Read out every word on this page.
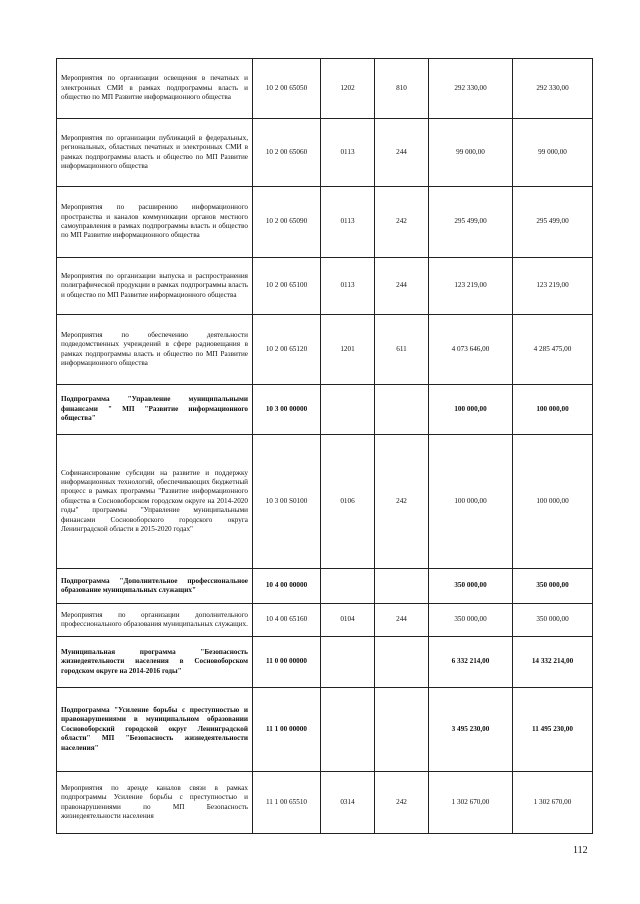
Мероприятия по организации освещения в печатных и электронных СМИ в рамках подпрограммы власть и общество по МП Развитие информационного общества	10 2 00 65050	1202	810	292 330,00	292 330,00
Мероприятия по организации публикаций в федеральных, региональных, областных печатных и электронных СМИ в рамках подпрограммы власть и общество по МП Развитие информационного общества	10 2 00 65060	0113	244	99 000,00	99 000,00
Мероприятия по расширению информационного пространства и каналов коммуникации органов местного самоуправления в рамках подпрограммы власть и общество по МП Развитие информационного общества	10 2 00 65090	0113	242	295 499,00	295 499,00
Мероприятия по организации выпуска и распространения полиграфической продукции в рамках подпрограммы власть и общество по МП Развитие информационного общества	10 2 00 65100	0113	244	123 219,00	123 219,00
Мероприятия по обеспечению деятельности подведомственных учреждений в сфере радиовещания в рамках подпрограммы власть и общество по МП Развитие информационного общества	10 2 00 65120	1201	611	4 073 646,00	4 285 475,00
Подпрограмма "Управление муниципальными финансами " МП "Развитие информационного общества"	10 3 00 00000			100 000,00	100 000,00
Софинансирование субсидии на развитие и поддержку информационных технологий, обеспечивающих бюджетный процесс в рамках программы "Развитие информационного общества в Сосновоборском городском округе на 2014-2020 годы" программы "Управление муниципальными финансами Сосновоборского городского округа Ленинградской области в 2015-2020 годах"	10 3 00 S0100	0106	242	100 000,00	100 000,00
Подпрограмма "Дополнительное профессиональное образование муниципальных служащих"	10 4 00 00000			350 000,00	350 000,00
Мероприятия по организации дополнительного профессионального образования муниципальных служащих.	10 4 00 65160	0104	244	350 000,00	350 000,00
Муниципальная программа "Безопасность жизнедеятельности населения в Сосновоборском городском округе на 2014-2016 годы"	11 0 00 00000			6 332 214,00	14 332 214,00
Подпрограмма "Усиление борьбы с преступностью и правонарушениями в муниципальном образовании Сосновоборский городской округ Ленинградской области" МП "Безопасность жизнедеятельности населения"	11 1 00 00000			3 495 230,00	11 495 230,00
Мероприятия по аренде каналов связи в рамках подпрограммы Усиление борьбы с преступностью и правонарушениями по МП Безопасность жизнедеятельности населения	11 1 00 65510	0314	242	1 302 670,00	1 302 670,00
112
